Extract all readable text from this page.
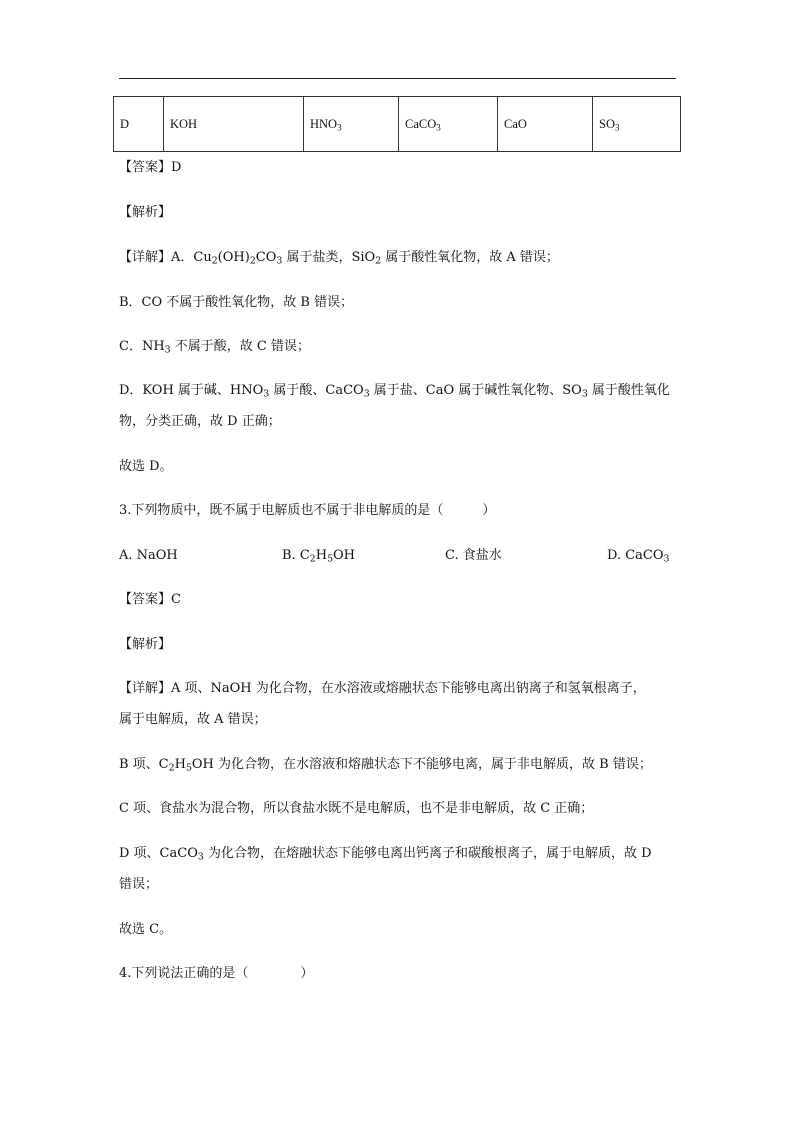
D	KOH	$HNO_3$	CaCO$_3$	CaO	$SO_3$
【答案】D
【解析】
【详解】A．$Cu_2(OH)_2CO_3$ 属于盐类，SiO$_2$ 属于酸性氧化物，故 A 错误；
B．CO 不属于酸性氧化物，故 B 错误；
C．$NH_3$ 不属于酸，故 C 错误；
D．KOH 属于碱、$HNO_3$ 属于酸、CaCO$_3$ 属于盐、CaO 属于碱性氧化物、$SO_3$ 属于酸性氧化
物，分类正确，故 D 正确；
故选 D。
3.下列物质中，既不属于电解质也不属于非电解质的是（　　　）
A. NaOH	B. $C_2H_5OH$	C. 食盐水	D. CaCO$_3$
【答案】C
【解析】
【详解】A 项、NaOH 为化合物，在水溶液或熔融状态下能够电离出钠离子和氢氧根离子，
属于电解质，故 A 错误；
B 项、$C_2H_5OH$ 为化合物，在水溶液和熔融状态下不能够电离，属于非电解质，故 B 错误；
C 项、食盐水为混合物，所以食盐水既不是电解质，也不是非电解质，故 C 正确；
D 项、CaCO$_3$ 为化合物，在熔融状态下能够电离出钙离子和碳酸根离子，属于电解质，故 D
错误；
故选 C。
4.下列说法正确的是（　　　　）
